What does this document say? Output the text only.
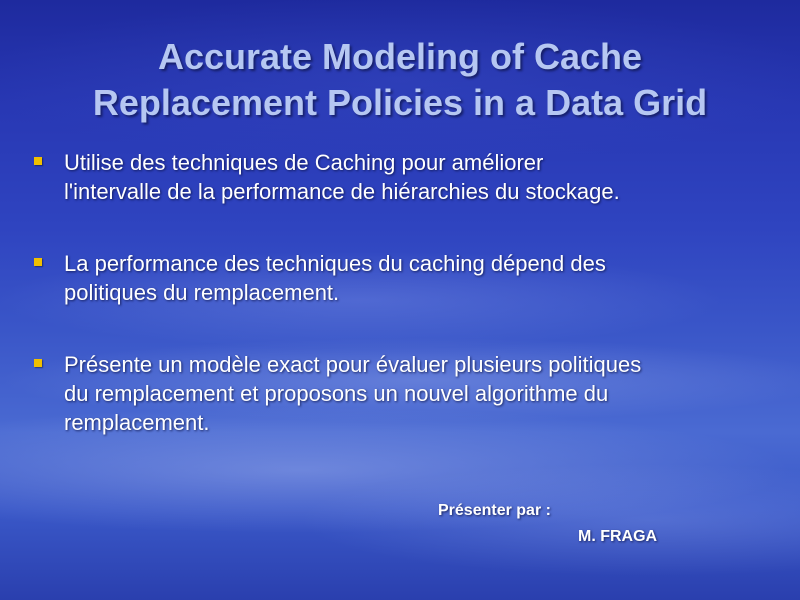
Accurate Modeling of Cache
Replacement Policies in a Data Grid
Utilise des techniques de Caching pour améliorer
l'intervalle de la performance de hiérarchies du stockage.
La performance des techniques du caching dépend des
politiques du remplacement.
Présente un modèle exact pour évaluer plusieurs politiques
du remplacement et proposons un nouvel algorithme du
remplacement.
Présenter par :
M. FRAGA
